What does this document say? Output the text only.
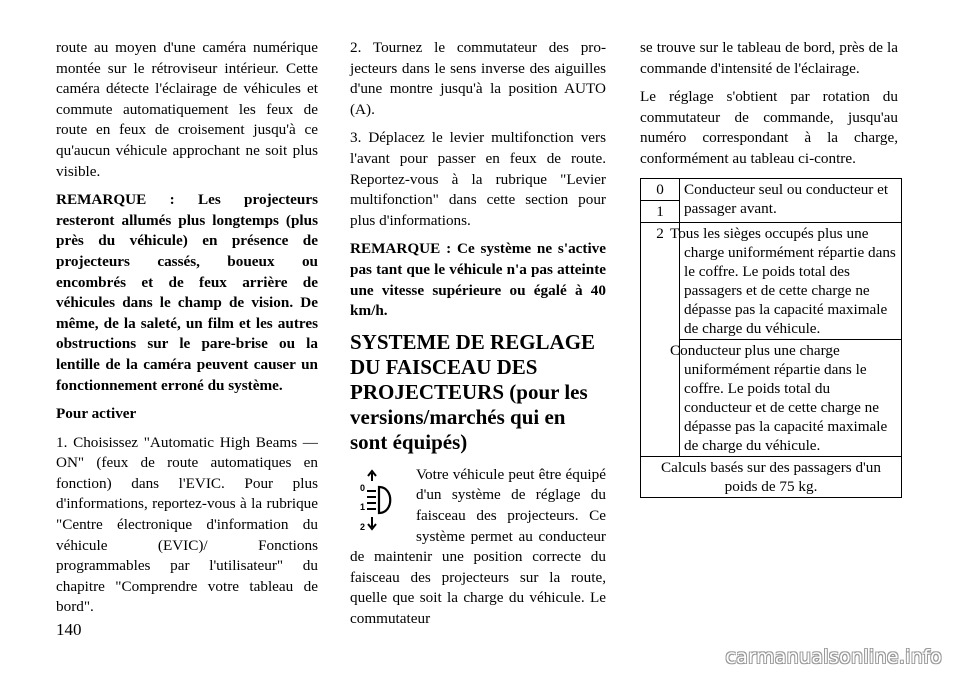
route au moyen d'une caméra numérique montée sur le rétroviseur intérieur. Cette caméra détecte l'éclairage de véhicules et commute automatiquement les feux de route en feux de croisement jusqu'à ce qu'aucun véhicule approchant ne soit plus visible.

REMARQUE : Les projecteurs resteront allumés plus longtemps (plus près du véhicule) en présence de projecteurs cassés, boueux ou encombrés et de feux arrière de véhicules dans le champ de vision. De même, de la saleté, un film et les autres obstructions sur le pare-brise ou la lentille de la caméra peuvent causer un fonctionnement erroné du système.

Pour activer

1. Choisissez "Automatic High Beams — ON" (feux de route automatiques en fonction) dans l'EVIC. Pour plus d'informations, reportez-vous à la rubrique "Centre électronique d'information du véhicule (EVIC)/ Fonctions programmables par l'utilisateur" du chapitre "Comprendre votre tableau de bord".

2. Tournez le commutateur des projecteurs dans le sens inverse des aiguilles d'une montre jusqu'à la position AUTO (A).

3. Déplacez le levier multifonction vers l'avant pour passer en feux de route. Reportez-vous à la rubrique "Levier multifonction" dans cette section pour plus d'informations.

REMARQUE : Ce système ne s'active pas tant que le véhicule n'a pas atteinte une vitesse supérieure ou égalé à 40 km/h.

SYSTEME DE REGLAGE DU FAISCEAU DES PROJECTEURS (pour les versions/marchés qui en sont équipés)
0
1
2

Votre véhicule peut être équipé d'un système de réglage du faisceau des projecteurs. Ce système permet au conducteur de maintenir une position correcte du faisceau des projecteurs sur la route, quelle que soit la charge du véhicule. Le commutateur

se trouve sur le tableau de bord, près de la commande d'intensité de l'éclairage.

Le réglage s'obtient par rotation du commutateur de commande, jusqu'au numéro correspondant à la charge, conformément au tableau ci-contre.

0	Conducteur seul ou conducteur et passager avant.
1	
2	Tous les sièges occupés plus une charge uniformément répartie dans le coffre. Le poids total des passagers et de cette charge ne dépasse pas la capacité maximale de charge du véhicule.
	Conducteur plus une charge uniformément répartie dans le coffre. Le poids total du conducteur et de cette charge ne dépasse pas la capacité maximale de charge du véhicule.
Calculs basés sur des passagers d'un poids de 75 kg.	
140
carmanualsonline.info
